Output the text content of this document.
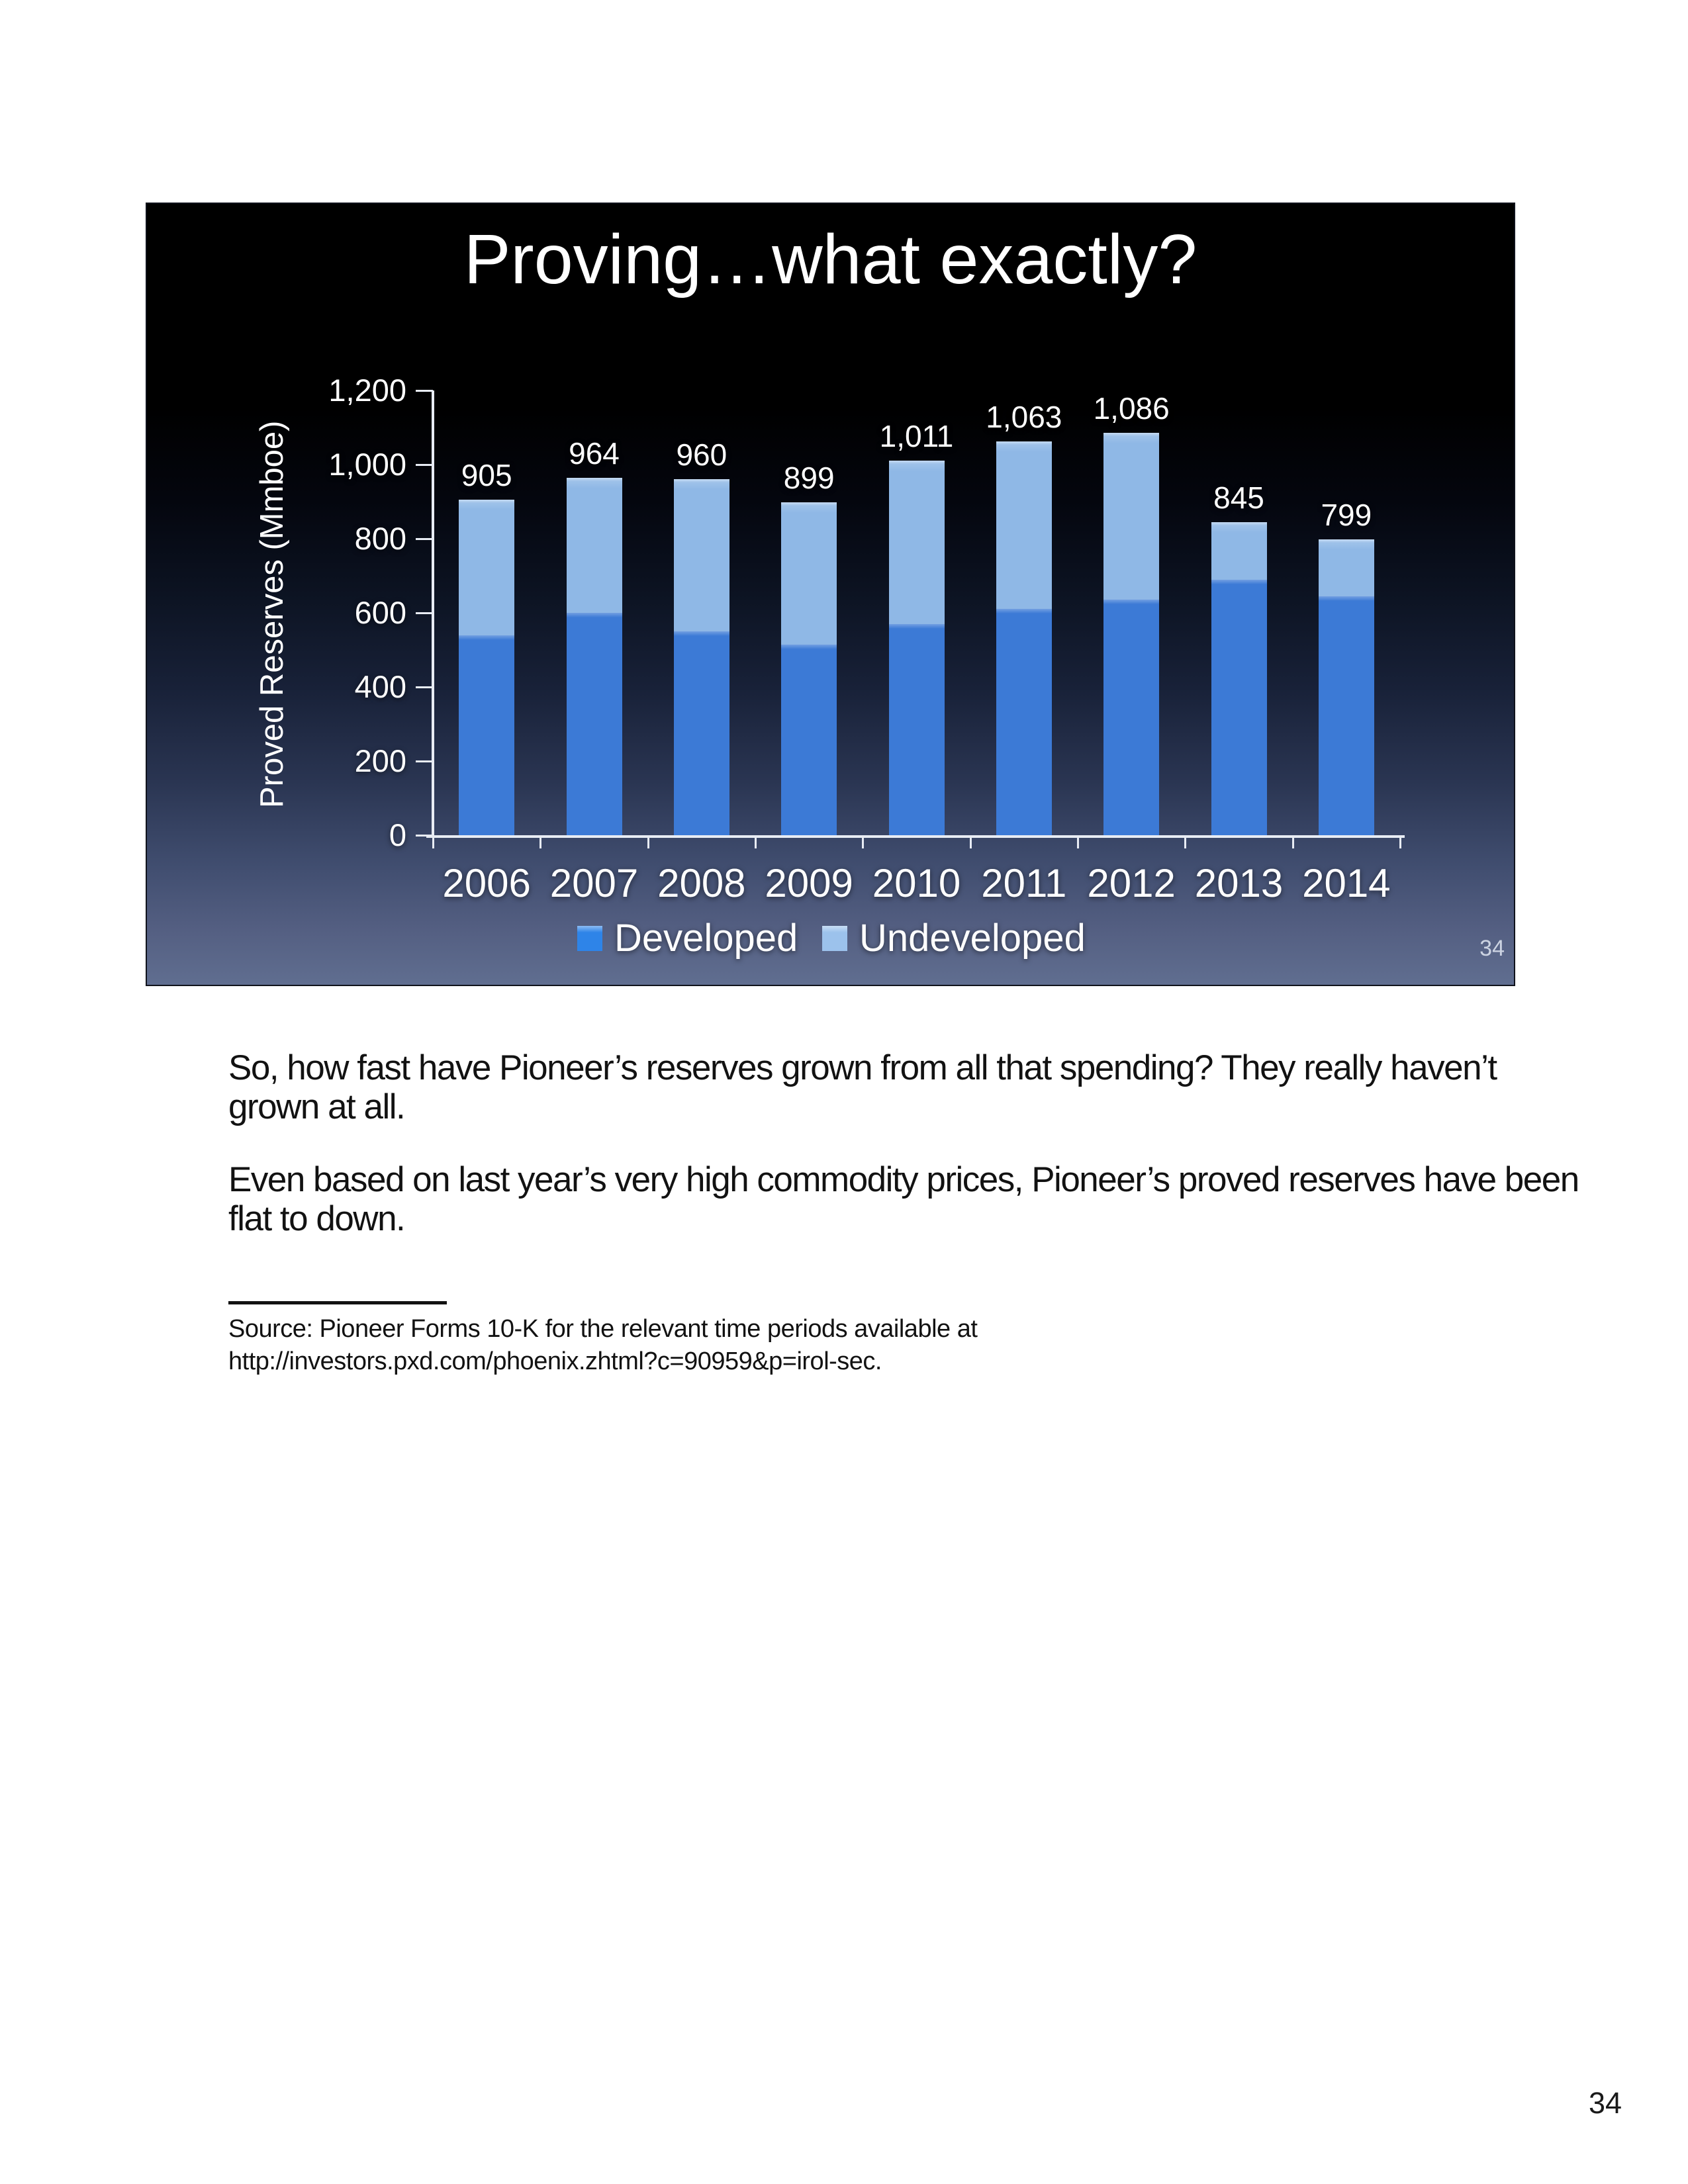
Proving…what exactly?
Proved Reserves (Mmboe)	905
2006
964
2007
960
2008
899
2009
1,011
2010
1,063
2011
1,086
2012
845
2013
799
2014
1,200
1,000
800
600
400
200
0
Developed Undeveloped	34
So, how fast have Pioneer’s reserves grown from all that spending? They really haven’t
grown at all.
Even based on last year’s very high commodity prices, Pioneer’s proved reserves have been
flat to down.
Source: Pioneer Forms 10-K for the relevant time periods available at
http://investors.pxd.com/phoenix.zhtml?c=90959&p=irol-sec.
34
